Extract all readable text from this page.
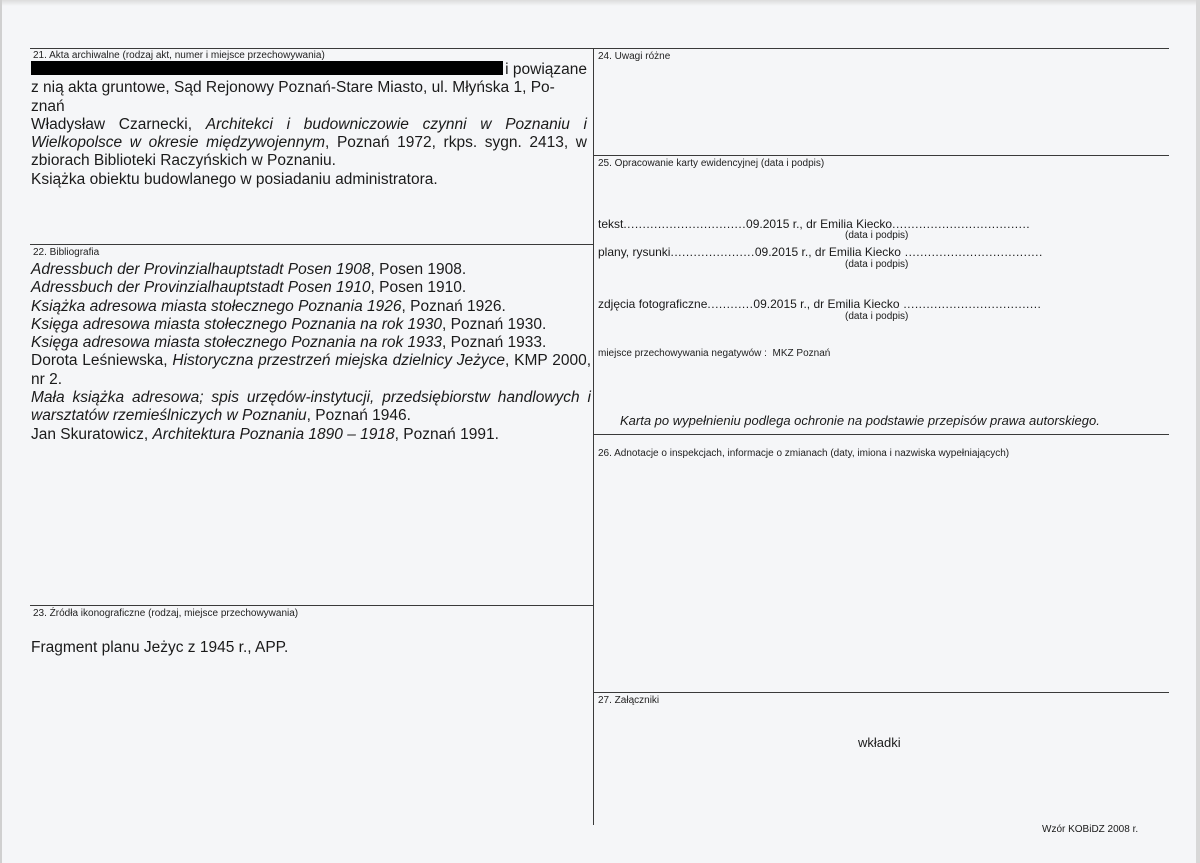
21. Akta archiwalne (rodzaj akt, numer i miejsce przechowywania)

i powiązane

z nią akta gruntowe, Sąd Rejonowy Poznań-Stare Miasto, ul. Młyńska 1, Po-

znań

Władysław Czarnecki, Architekci i budowniczowie czynni w Poznaniu i Wielkopolsce w okresie międzywojennym, Poznań 1972, rkps. sygn. 2413, w zbiorach Biblioteki Raczyńskich w Poznaniu.

Książka obiektu budowlanego w posiadaniu administratora.

22. Bibliografia

Adressbuch der Provinzialhauptstadt Posen 1908, Posen 1908.

Adressbuch der Provinzialhauptstadt Posen 1910, Posen 1910.

Książka adresowa miasta stołecznego Poznania 1926, Poznań 1926.

Księga adresowa miasta stołecznego Poznania na rok 1930, Poznań 1930.

Księga adresowa miasta stołecznego Poznania na rok 1933, Poznań 1933.

Dorota Leśniewska, Historyczna przestrzeń miejska dzielnicy Jeżyce, KMP 2000, nr 2.

Mała książka adresowa; spis urzędów-instytucji, przedsiębiorstw handlowych i warsztatów rzemieślniczych w Poznaniu, Poznań 1946.

Jan Skuratowicz, Architektura Poznania 1890 – 1918, Poznań 1991.

23. Źródła ikonograficzne (rodzaj, miejsce przechowywania)
Fragment planu Jeżyc z 1945 r., APP.
24. Uwagi różne
25. Opracowanie karty ewidencyjnej (data i podpis)
tekst................................09.2015 r., dr Emilia Kiecko....................................
(data i podpis)
plany, rysunki......................09.2015 r., dr Emilia Kiecko ....................................
(data i podpis)
zdjęcia fotograficzne............09.2015 r., dr Emilia Kiecko ....................................
(data i podpis)
miejsce przechowywania negatywów : MKZ Poznań
Karta po wypełnieniu podlega ochronie na podstawie przepisów prawa autorskiego.
26. Adnotacje o inspekcjach, informacje o zmianach (daty, imiona i nazwiska wypełniających)
27. Załączniki
wkładki
Wzór KOBiDZ 2008 r.
